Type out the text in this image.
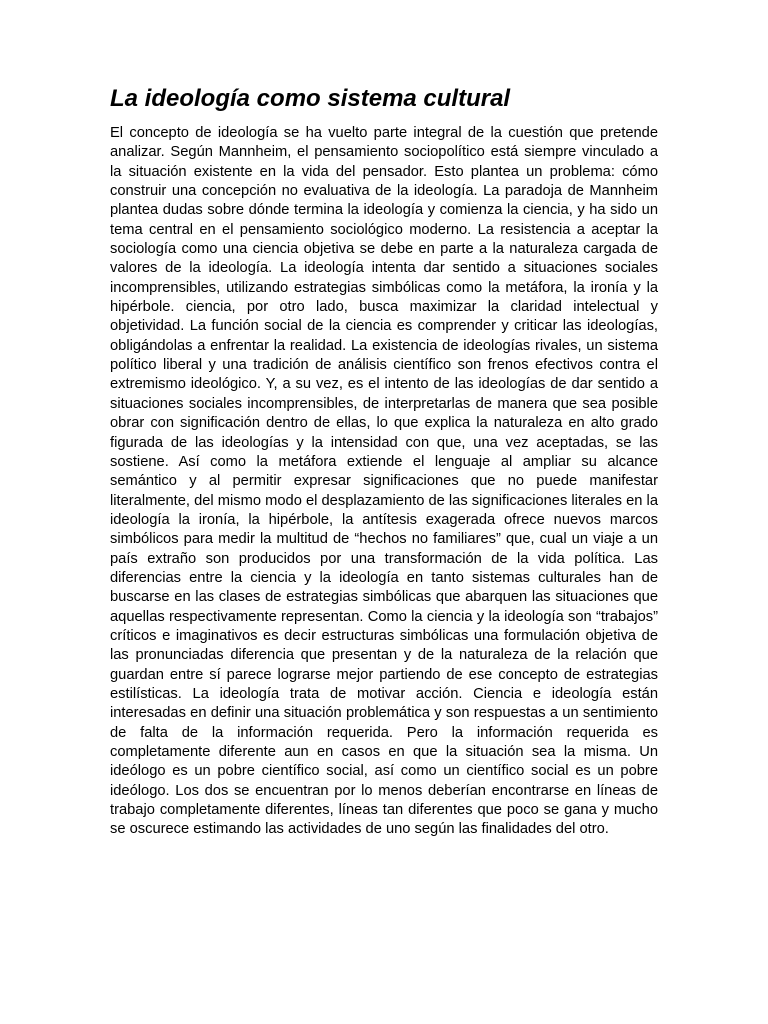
La ideología como sistema cultural

El concepto de ideología se ha vuelto parte integral de la cuestión que pretende analizar. Según Mannheim, el pensamiento sociopolítico está siempre vinculado a la situación existente en la vida del pensador. Esto plantea un problema: cómo construir una concepción no evaluativa de la ideología. La paradoja de Mannheim plantea dudas sobre dónde termina la ideología y comienza la ciencia, y ha sido un tema central en el pensamiento sociológico moderno. La resistencia a aceptar la sociología como una ciencia objetiva se debe en parte a la naturaleza cargada de valores de la ideología. La ideología intenta dar sentido a situaciones sociales incomprensibles, utilizando estrategias simbólicas como la metáfora, la ironía y la hipérbole. ciencia, por otro lado, busca maximizar la claridad intelectual y objetividad. La función social de la ciencia es comprender y criticar las ideologías, obligándolas a enfrentar la realidad. La existencia de ideologías rivales, un sistema político liberal y una tradición de análisis científico son frenos efectivos contra el extremismo ideológico. Y, a su vez, es el intento de las ideologías de dar sentido a situaciones sociales incomprensibles, de interpretarlas de manera que sea posible obrar con significación dentro de ellas, lo que explica la naturaleza en alto grado figurada de las ideologías y la intensidad con que, una vez aceptadas, se las sostiene. Así como la metáfora extiende el lenguaje al ampliar su alcance semántico y al permitir expresar significaciones que no puede manifestar literalmente, del mismo modo el desplazamiento de las significaciones literales en la ideología la ironía, la hipérbole, la antítesis exagerada ofrece nuevos marcos simbólicos para medir la multitud de “hechos no familiares” que, cual un viaje a un país extraño son producidos por una transformación de la vida política. Las diferencias entre la ciencia y la ideología en tanto sistemas culturales han de buscarse en las clases de estrategias simbólicas que abarquen las situaciones que aquellas respectivamente representan. Como la ciencia y la ideología son “trabajos” críticos e imaginativos es decir estructuras simbólicas una formulación objetiva de las pronunciadas diferencia que presentan y de la naturaleza de la relación que guardan entre sí parece lograrse mejor partiendo de ese concepto de estrategias estilísticas. La ideología trata de motivar acción. Ciencia e ideología están interesadas en definir una situación problemática y son respuestas a un sentimiento de falta de la información requerida. Pero la información requerida es completamente diferente aun en casos en que la situación sea la misma. Un ideólogo es un pobre científico social, así como un científico social es un pobre ideólogo. Los dos se encuentran por lo menos deberían encontrarse en líneas de trabajo completamente diferentes, líneas tan diferentes que poco se gana y mucho se oscurece estimando las actividades de uno según las finalidades del otro.
